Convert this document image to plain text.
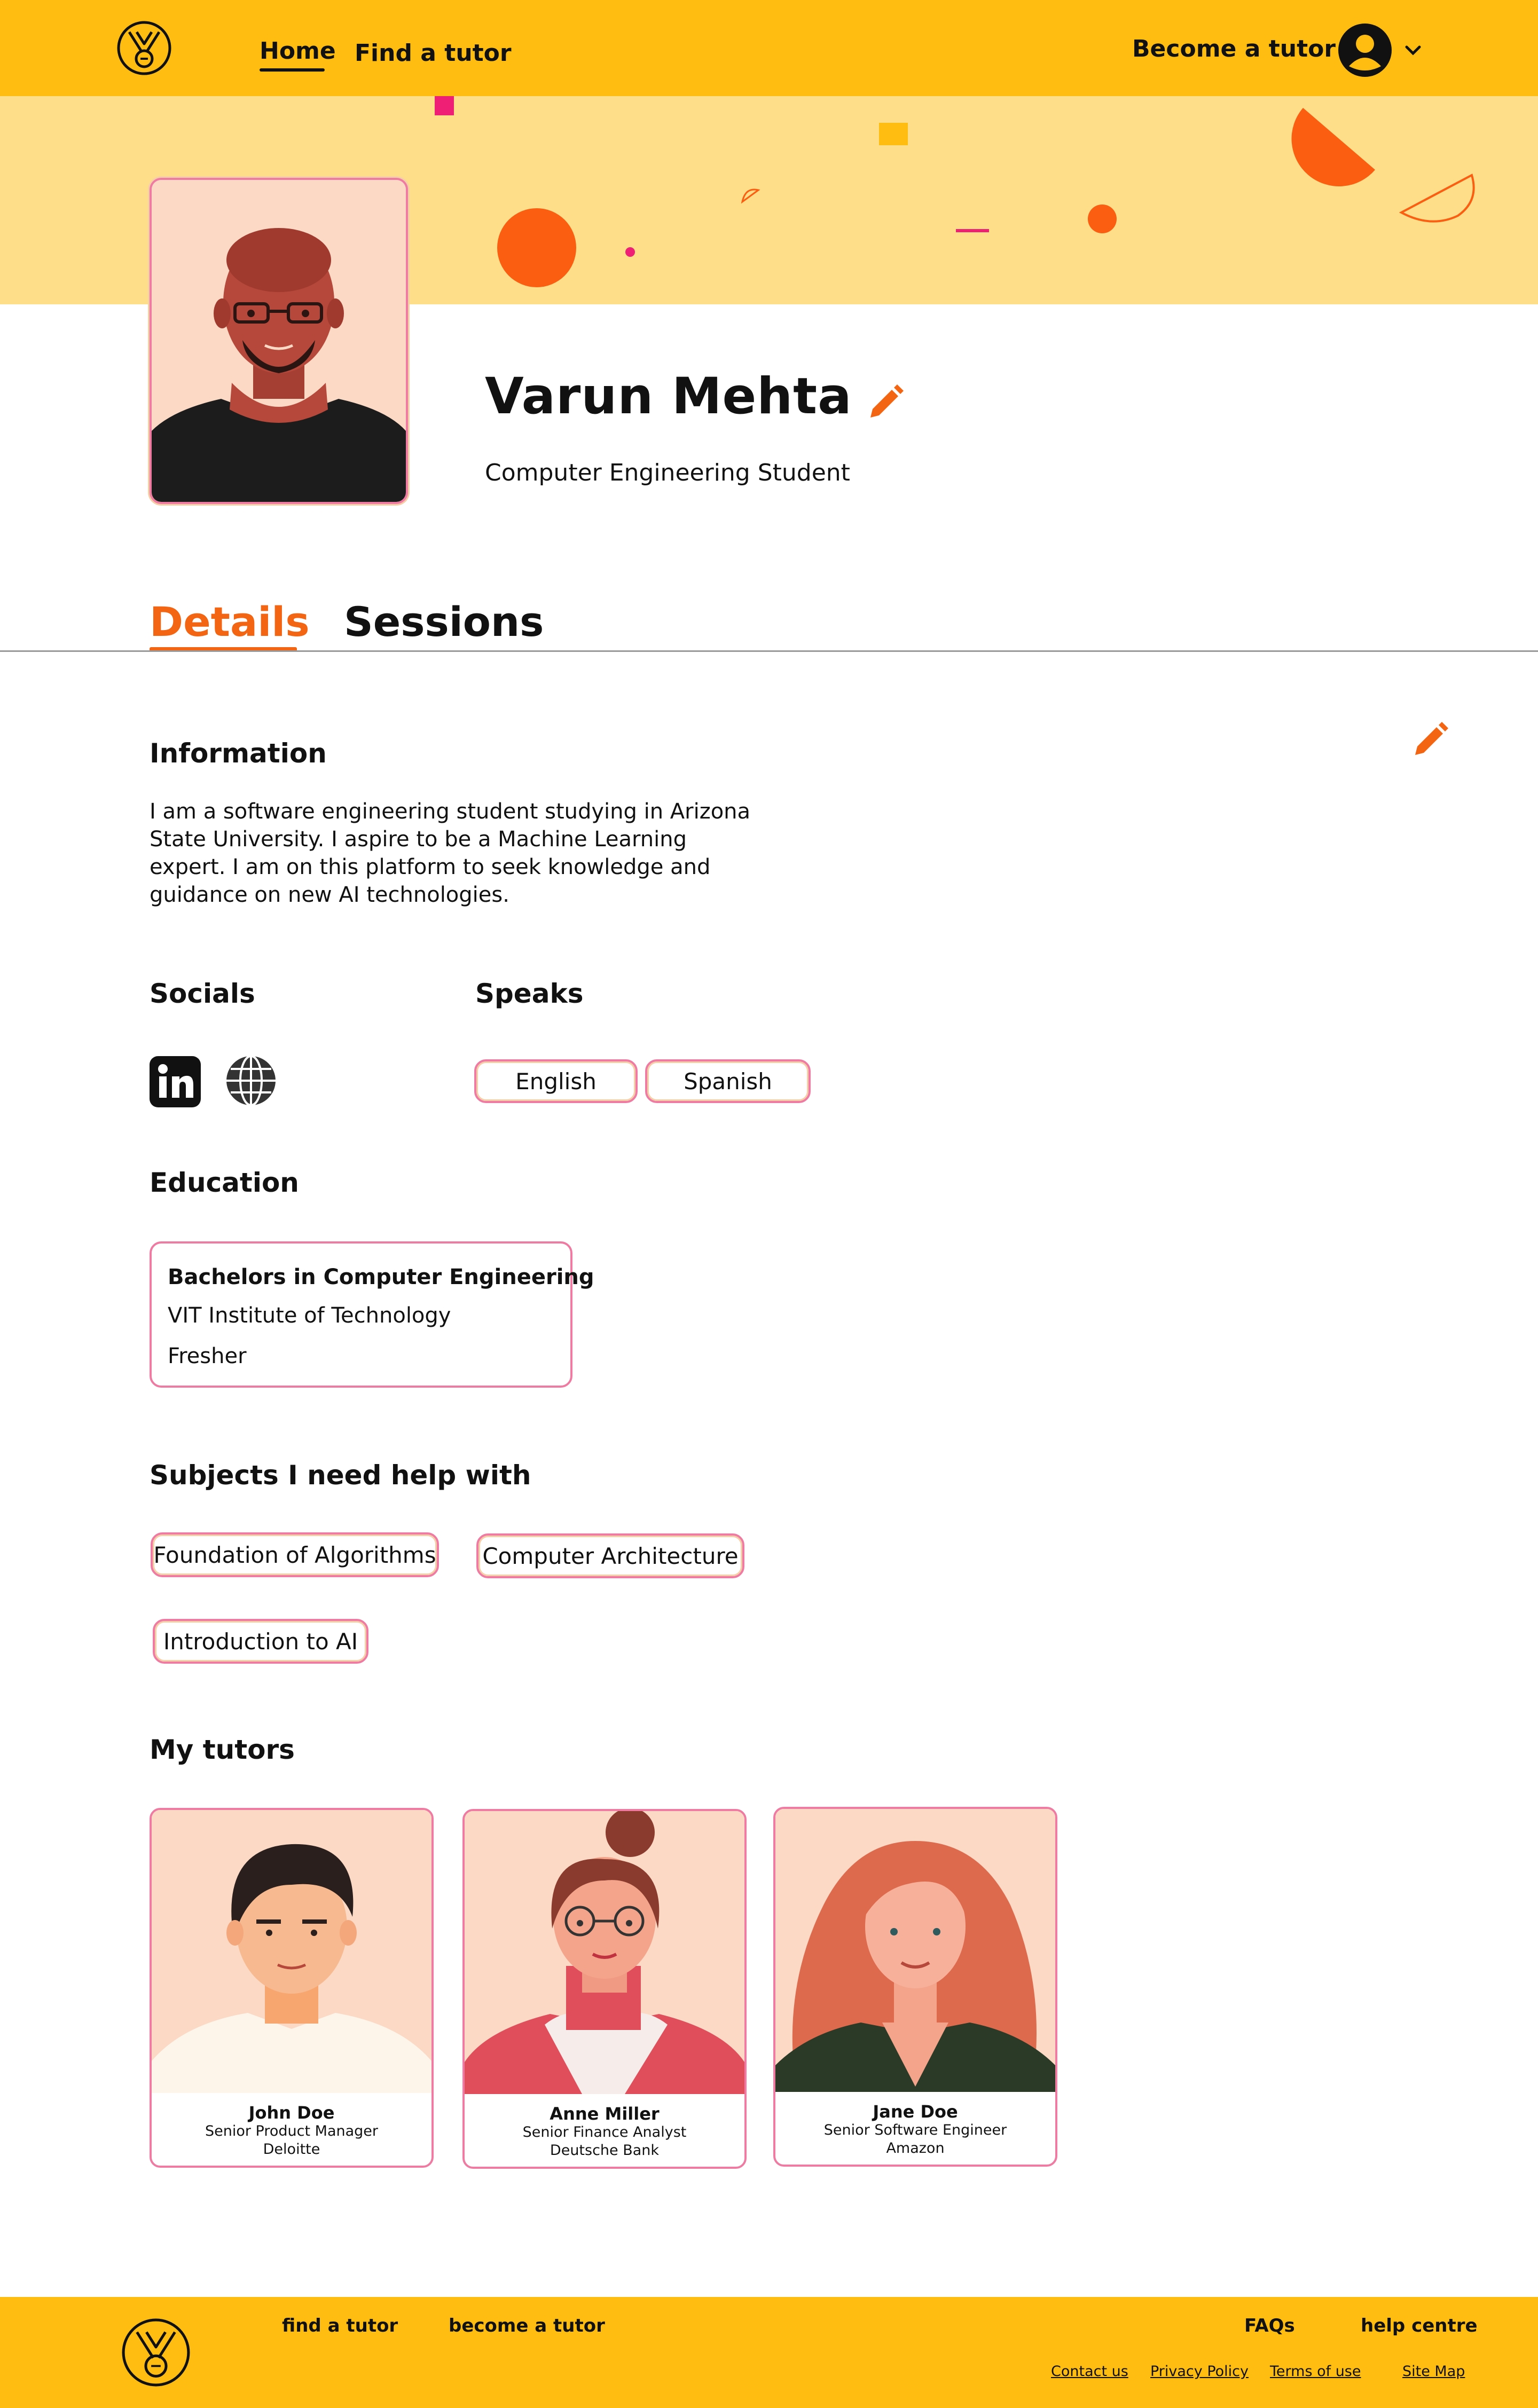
Home Find a tutor	Become a tutor
Varun Mehta
Computer Engineering Student
Details Sessions
Information
I am a software engineering student studying in Arizona State University. I aspire to be a Machine Learning expert. I am on this platform to seek knowledge and guidance on new AI technologies.
Socials	Speaks
English	Spanish
Education
Bachelors in Computer Engineering
VIT Institute of Technology
Fresher
Subjects I need help with
Foundation of Algorithms Computer Architecture
Introduction to AI
My tutors
John Doe
Senior Product Manager
Deloitte
Anne Miller
Senior Finance Analyst
Deutsche Bank
Jane Doe
Senior Software Engineer
Amazon
find a tutor	become a tutor	FAQs	help centre
Contact us Privacy Policy Terms of use	Site Map
